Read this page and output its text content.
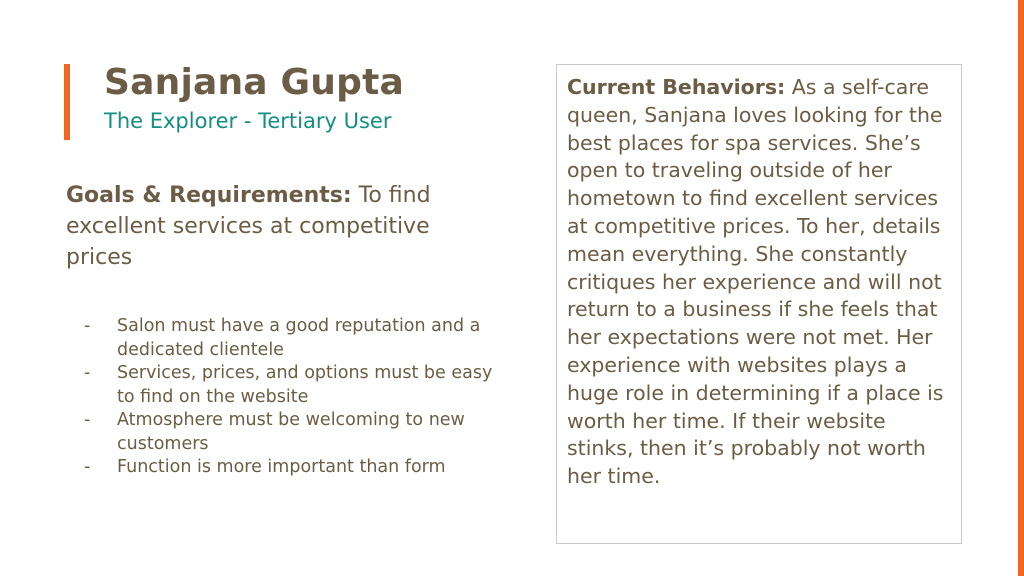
Sanjana Gupta
The Explorer - Tertiary User
Goals & Requirements: To find excellent services at competitive prices
- Salon must have a good reputation and a dedicated clientele
- Services, prices, and options must be easy to find on the website
- Atmosphere must be welcoming to new customers
- Function is more important than form
Current Behaviors: As a self-care queen, Sanjana loves looking for the best places for spa services. She’s open to traveling outside of her hometown to find excellent services at competitive prices. To her, details mean everything. She constantly critiques her experience and will not return to a business if she feels that her expectations were not met. Her experience with websites plays a huge role in determining if a place is worth her time. If their website stinks, then it’s probably not worth her time.
